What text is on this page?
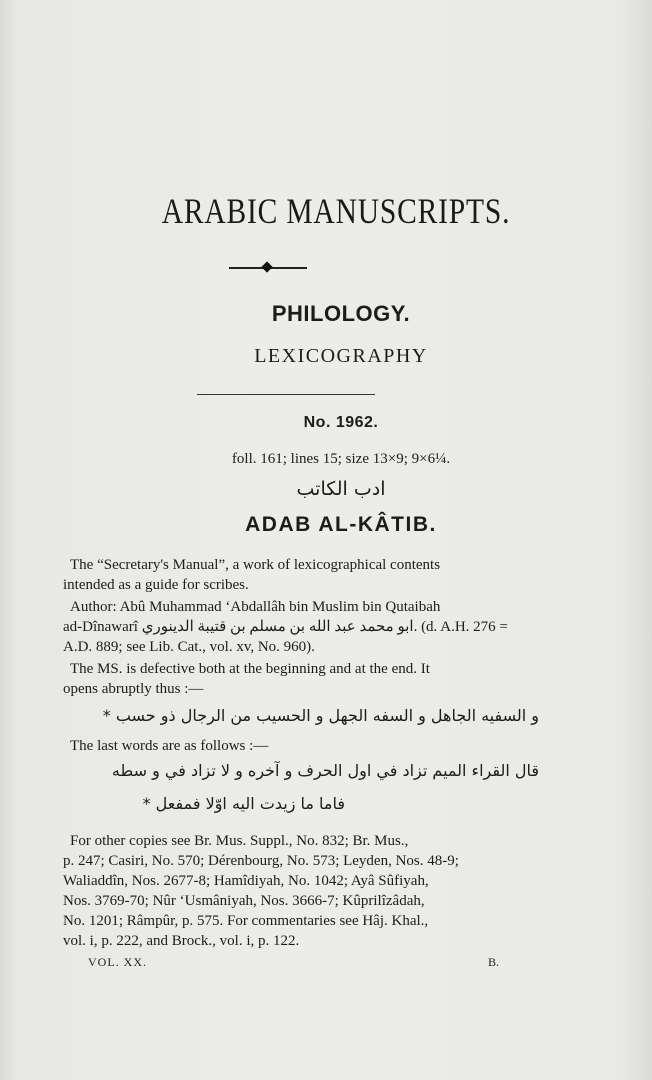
ARABIC MANUSCRIPTS.
PHILOLOGY.
LEXICOGRAPHY
No. 1962.
foll. 161; lines 15; size 13×9; 9×6¼.
ادب الكاتب
ADAB AL-KÂTIB.
The “Secretary's Manual”, a work of lexicographical contents
intended as a guide for scribes.
Author: Abû Muhammad ‘Abdallâh bin Muslim bin Qutaibah
ad-Dînawarî ابو محمد عبد الله بن مسلم بن قتيبة الدينوري. (d. A.H. 276 =
A.D. 889; see Lib. Cat., vol. xv, No. 960).
The MS. is defective both at the beginning and at the end. It
opens abruptly thus :—
و السفيه الجاهل و السفه الجهل و الحسيب من الرجال ذو حسب *
The last words are as follows :—
قال القراء الميم تزاد في اول الحرف و آخره و لا تزاد في و سطه
فاما ما زيدت اليه اوّلا فمفعل *
For other copies see Br. Mus. Suppl., No. 832; Br. Mus.,
p. 247; Casiri, No. 570; Dérenbourg, No. 573; Leyden, Nos. 48-9;
Waliaddîn, Nos. 2677-8; Hamîdiyah, No. 1042; Ayâ Sûfiyah,
Nos. 3769-70; Nûr ‘Usmâniyah, Nos. 3666-7; Kûprilîzâdah,
No. 1201; Râmpûr, p. 575. For commentaries see Hâj. Khal.,
vol. i, p. 222, and Brock., vol. i, p. 122.
VOL. XX.	B.
